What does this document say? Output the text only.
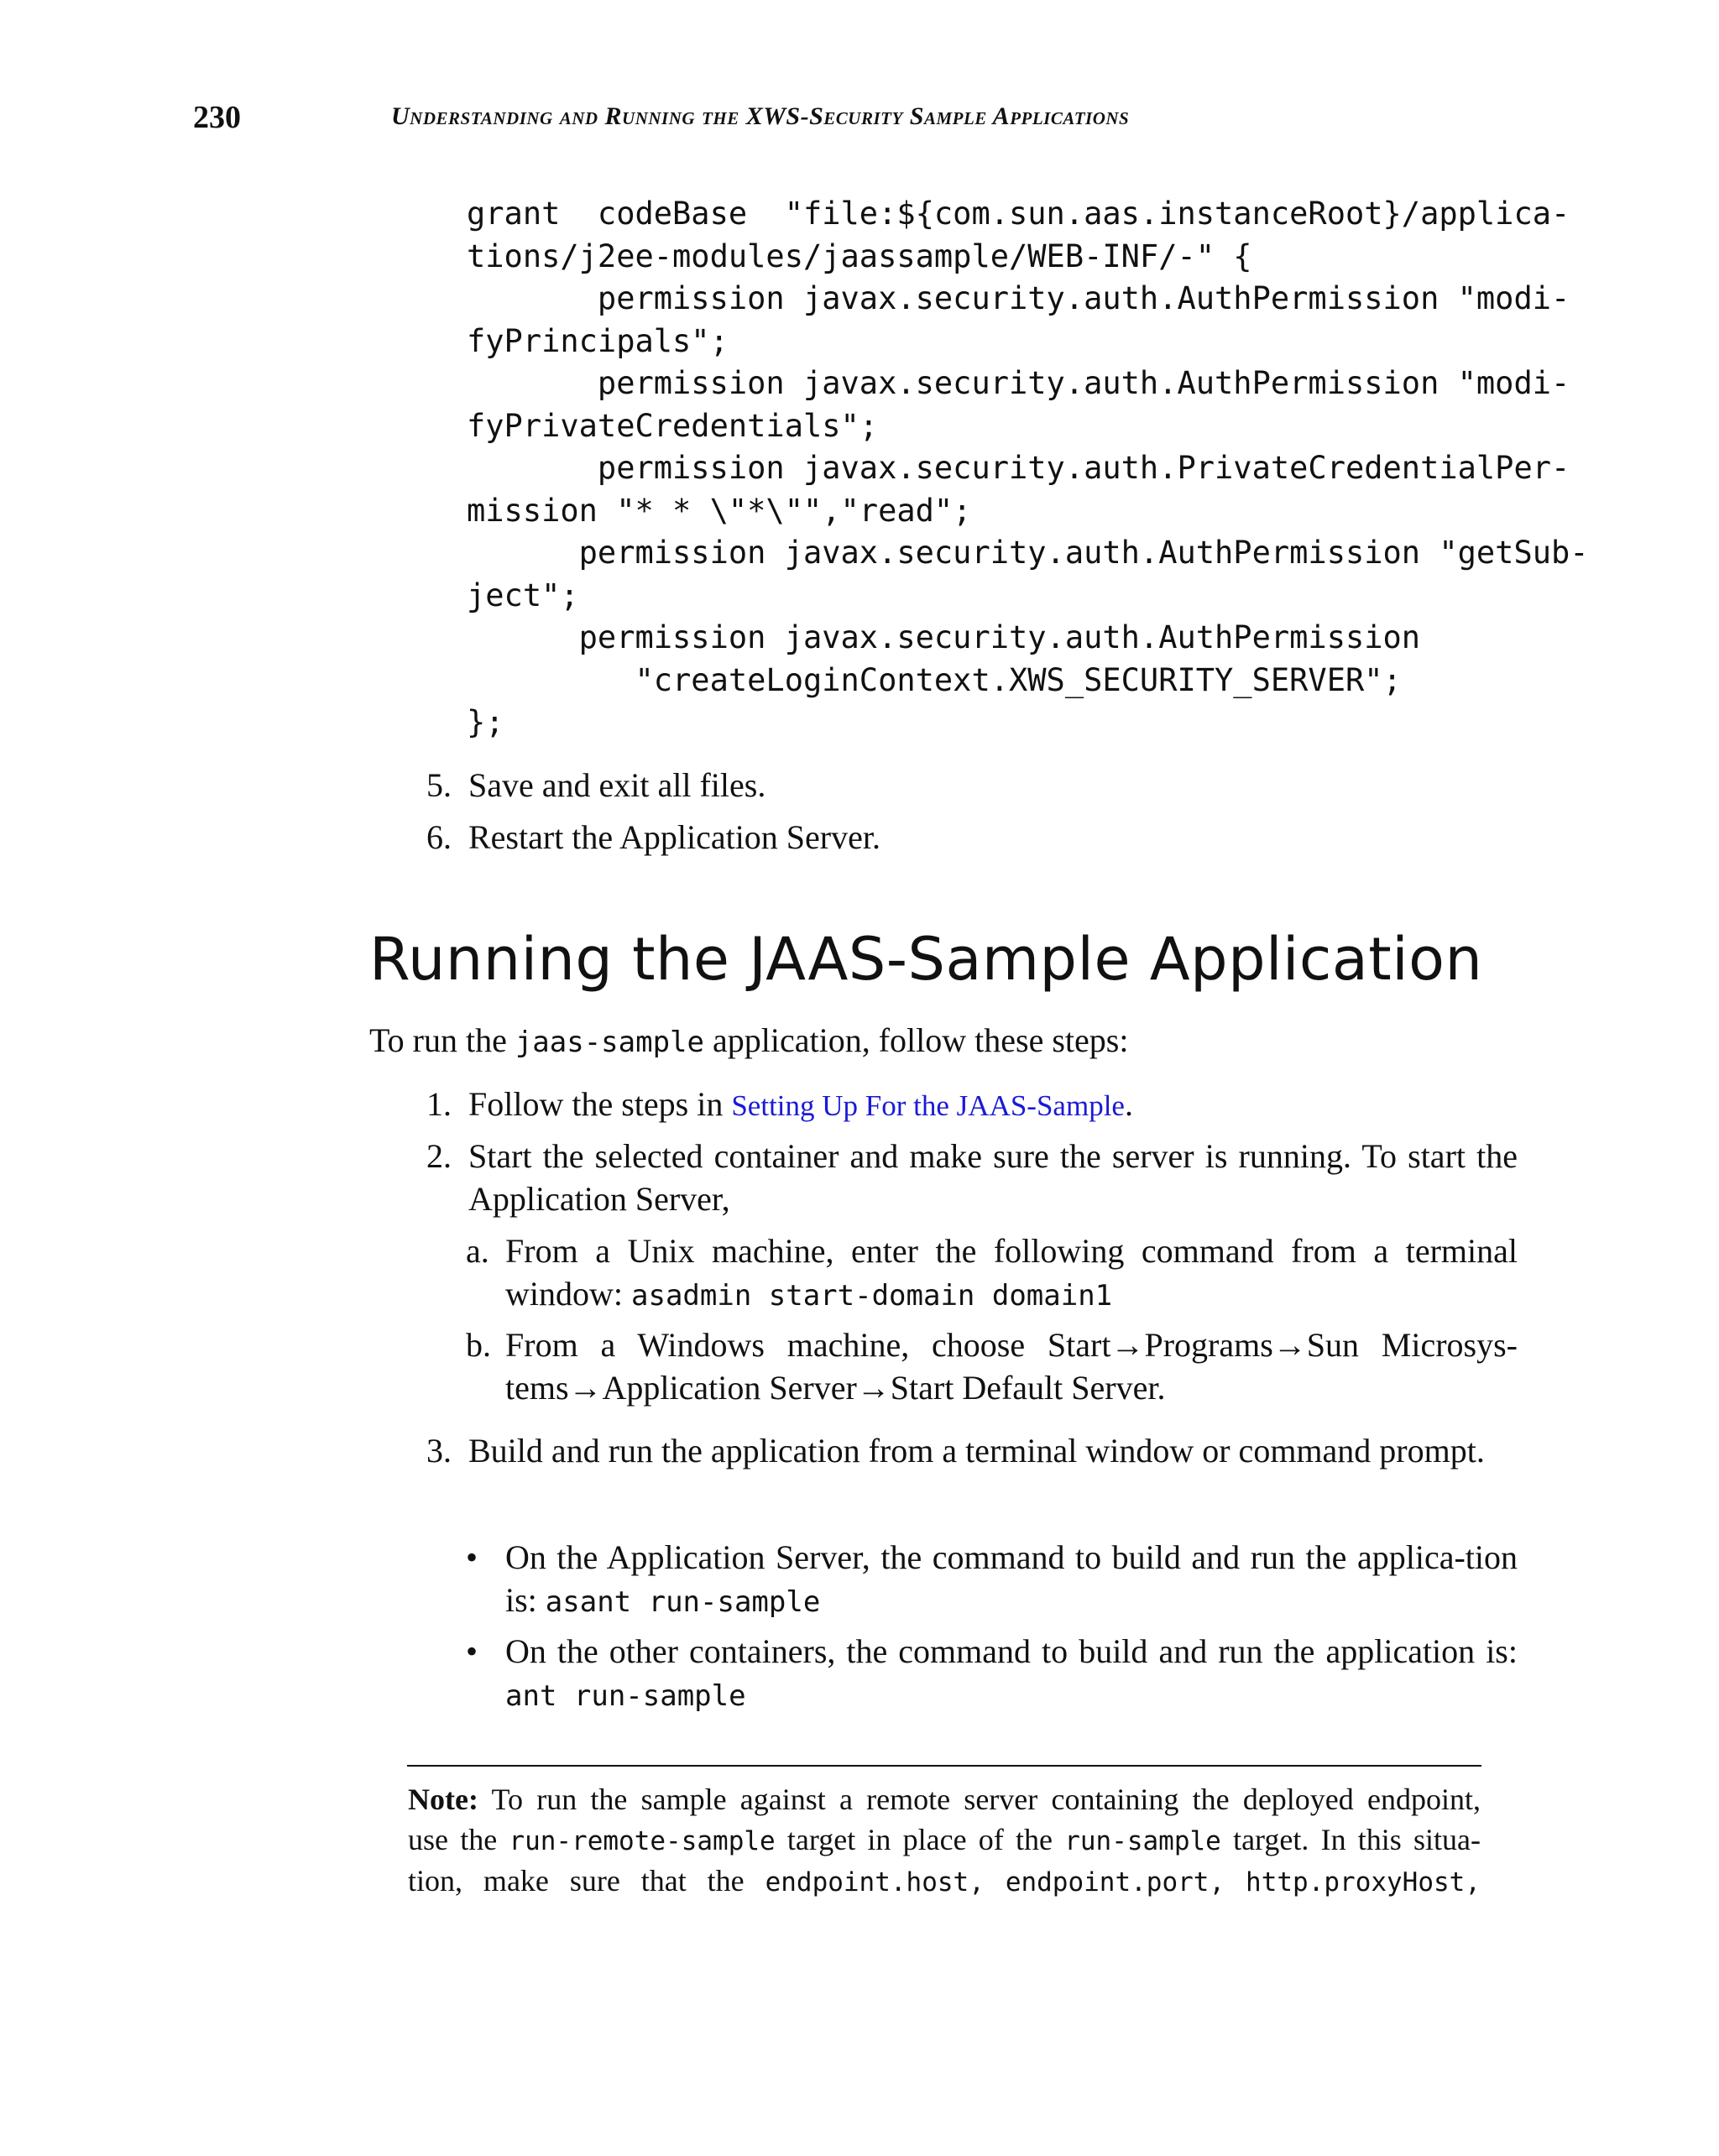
230	Understanding and Running the XWS-Security Sample Applications
grant  codeBase  "file:${com.sun.aas.instanceRoot}/applica-
tions/j2ee-modules/jaassample/WEB-INF/-" {
permission javax.security.auth.AuthPermission "modi-
fyPrincipals";
permission javax.security.auth.AuthPermission "modi-
fyPrivateCredentials";
permission javax.security.auth.PrivateCredentialPer-
mission "* * \"*\"","read";
permission javax.security.auth.AuthPermission "getSub-
ject";
permission javax.security.auth.AuthPermission
"createLoginContext.XWS_SECURITY_SERVER";
};
5. Save and exit all files.
6. Restart the Application Server.
Running the JAAS-Sample Application
To run the jaas-sample application, follow these steps:
1. Follow the steps in Setting Up For the JAAS-Sample.
2. Start the selected container and make sure the server is running. To start the Application Server,
a. From a Unix machine, enter the following command from a terminal window: asadmin start-domain domain1
b. From a Windows machine, choose Start→Programs→Sun Microsys-tems→Application Server→Start Default Server.
3. Build and run the application from a terminal window or command prompt.
• On the Application Server, the command to build and run the applica-tion is: asant run-sample
• On the other containers, the command to build and run the application is: ant run-sample
Note: To run the sample against a remote server containing the deployed endpoint,
use the run-remote-sample target in place of the run-sample target. In this situa-
tion, make sure that the endpoint.host, endpoint.port, http.proxyHost,
